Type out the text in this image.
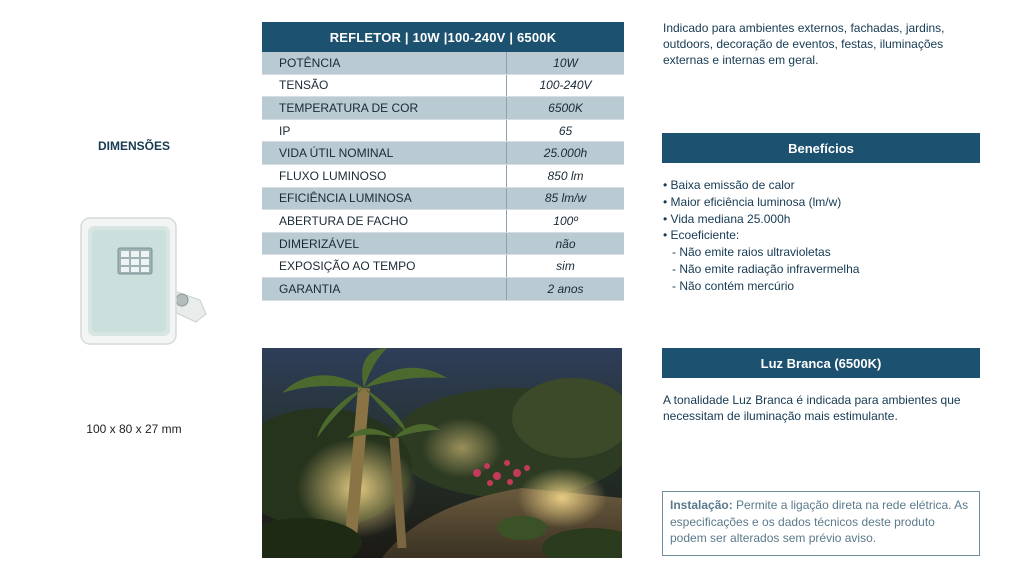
DIMENSÕES
100 x 80 x 27 mm
REFLETOR | 10W |100-240V | 6500K
POTÊNCIA	10W
TENSÃO	100-240V
TEMPERATURA DE COR	6500K
IP	65
VIDA ÚTIL NOMINAL	25.000h
FLUXO LUMINOSO	850 lm
EFICIÊNCIA LUMINOSA	85 lm/w
ABERTURA DE FACHO	100º
DIMERIZÁVEL	não
EXPOSIÇÃO AO TEMPO	sim
GARANTIA	2 anos
Indicado para ambientes externos, fachadas, jardins, outdoors, decoração de eventos, festas, iluminações externas e internas em geral.
Benefícios
• Baixa emissão de calor
• Maior eficiência luminosa (lm/w)
• Vida mediana 25.000h
• Ecoeficiente:
- Não emite raios ultravioletas
- Não emite radiação infravermelha
- Não contém mercúrio
Luz Branca (6500K)
A tonalidade Luz Branca é indicada para ambientes que necessitam de iluminação mais estimulante.
Instalação: Permite a ligação direta na rede elétrica. As especificações e os dados técnicos deste produto podem ser alterados sem prévio aviso.
